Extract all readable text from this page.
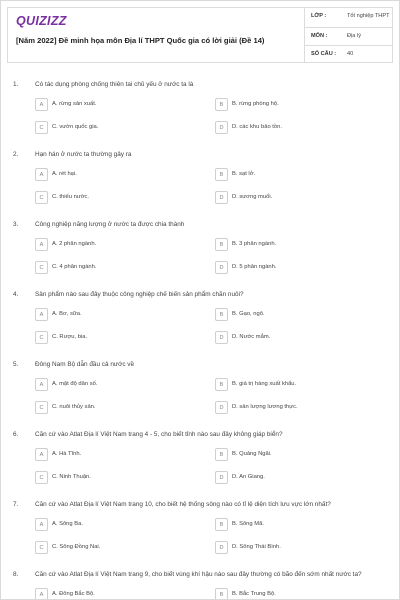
QUIZIZZ
[Năm 2022] Đề minh họa môn Địa lí THPT Quốc gia có lời giải (Đề 14)
LỚP :	Tốt nghiệp THPT
MÔN :	Địa lý
SỐ CÂU : 40
1.	Có tác dụng phòng chống thiên tai chủ yếu ở nước ta là
A	A. rừng sản xuất.	B	B. rừng phòng hộ.
C	C. vườn quốc gia.	D	D. các khu bảo tồn.
2.	Hạn hán ở nước ta thường gây ra
A	A. rét hại.	B	B. sạt lở.
C	C. thiếu nước.	D	D. sương muối.
3.	Công nghiệp năng lượng ở nước ta được chia thành
A	A. 2 phân ngành.	B	B. 3 phân ngành.
C	C. 4 phân ngành.	D	D. 5 phân ngành.
4.	Sản phẩm nào sau đây thuộc công nghiệp chế biến sản phẩm chăn nuôi?
A	A. Bơ, sữa.	B	B. Gạo, ngô.
C	C. Rượu, bia.	D	D. Nước mắm.
5.	Đông Nam Bộ dẫn đầu cả nước về
A	A. mật độ dân số.	B	B. giá trị hàng xuất khẩu.
C	C. nuôi thủy sản.	D	D. sản lượng lương thực.
6.	Căn cứ vào Atlat Địa lí Việt Nam trang 4 - 5, cho biết tỉnh nào sau đây không giáp biển?
A	A. Hà Tĩnh.	B	B. Quảng Ngãi.
C	C. Ninh Thuận.	D	D. An Giang.
7.	Căn cứ vào Atlat Địa lí Việt Nam trang 10, cho biết hệ thống sông nào có tỉ lệ diện tích lưu vực lớn nhất?
A	A. Sông Ba.	B	B. Sông Mã.
C	C. Sông Đồng Nai.	D	D. Sông Thái Bình.
8.	Căn cứ vào Atlat Địa lí Việt Nam trang 9, cho biết vùng khí hậu nào sau đây thường có bão đến sớm nhất nước ta?
A	A. Đông Bắc Bộ.	B	B. Bắc Trung Bộ.
